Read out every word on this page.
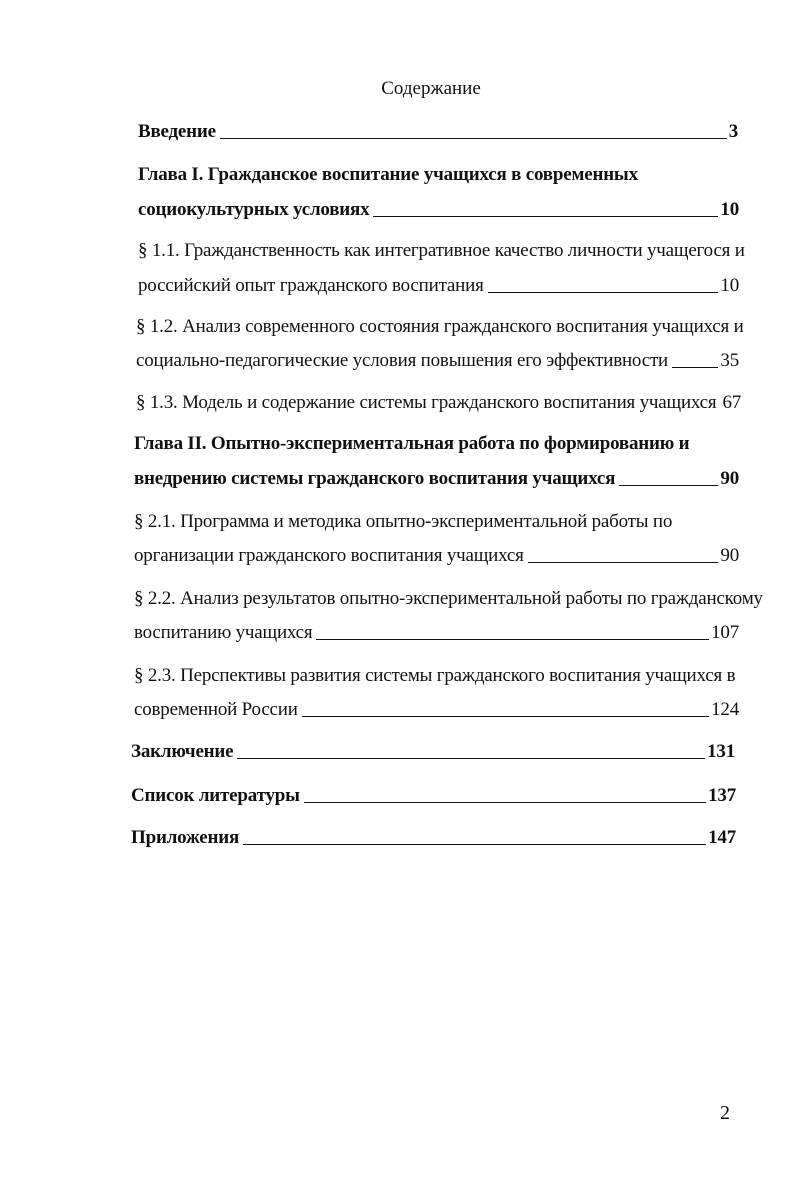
Содержание
Введение	3
Глава I. Гражданское воспитание учащихся в современных
социокультурных условиях	10
§ 1.1. Гражданственность как интегративное качество личности учащегося и
российский опыт гражданского воспитания	10
§ 1.2. Анализ современного состояния гражданского воспитания учащихся и
социально-педагогические условия повышения его эффективности	35
§ 1.3. Модель и содержание системы гражданского воспитания учащихся 67
Глава II. Опытно-экспериментальная работа по формированию и
внедрению системы гражданского воспитания учащихся	90
§ 2.1. Программа и методика опытно-экспериментальной работы по
организации гражданского воспитания учащихся	90
§ 2.2. Анализ результатов опытно-экспериментальной работы по гражданскому
воспитанию учащихся	107
§ 2.3. Перспективы развития системы гражданского воспитания учащихся в
современной России	124
Заключение	131
Список литературы	137
Приложения	147
2
